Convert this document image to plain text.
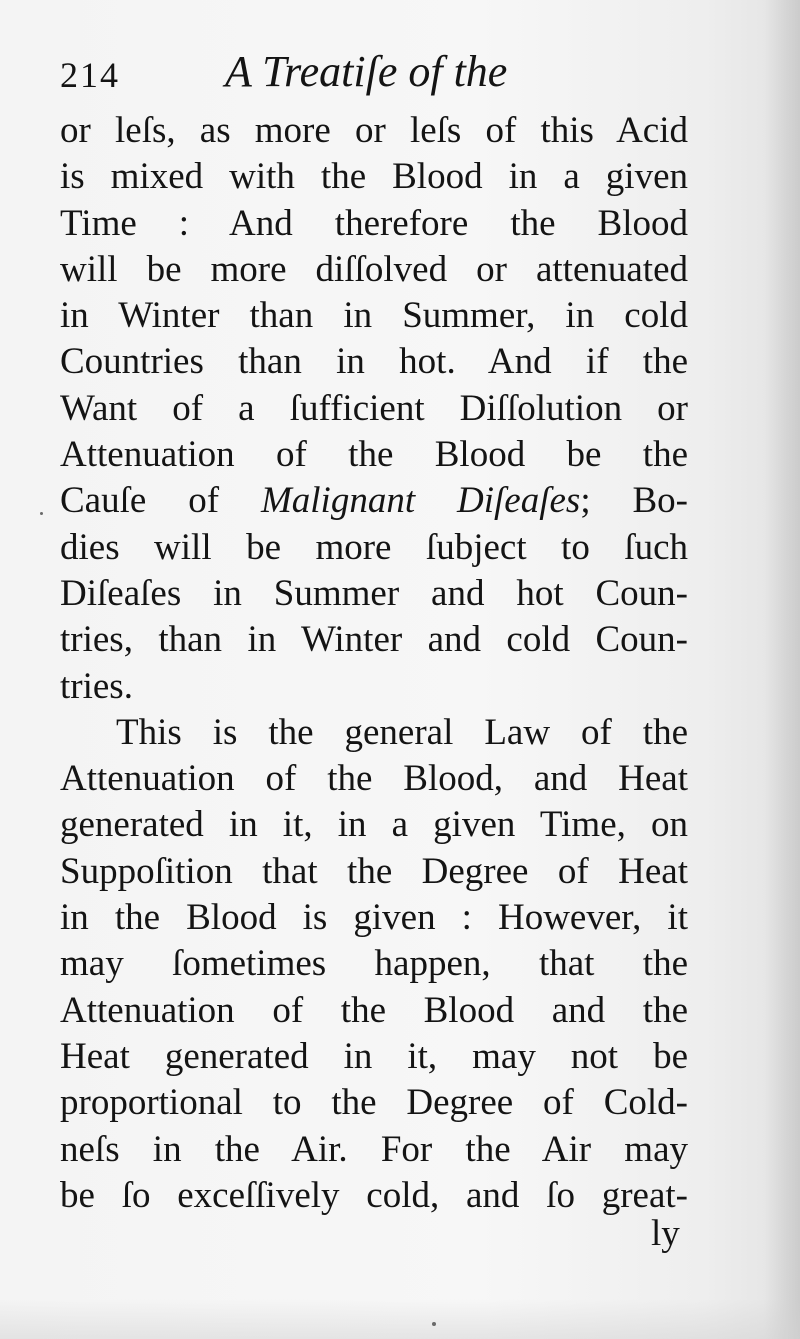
214 A Treatiſe of the
or leſs, as more or leſs of this Acid
is mixed with the Blood in a given
Time : And therefore the Blood
will be more diſſolved or attenuated
in Winter than in Summer, in cold
Countries than in hot. And if the
Want of a ſufficient Diſſolution or
Attenuation of the Blood be the
Cauſe of Malignant Diſeaſes; Bo-
dies will be more ſubject to ſuch
Diſeaſes in Summer and hot Coun-
tries, than in Winter and cold Coun-
tries.
This is the general Law of the
Attenuation of the Blood, and Heat
generated in it, in a given Time, on
Suppoſition that the Degree of Heat
in the Blood is given : However, it
may ſometimes happen, that the
Attenuation of the Blood and the
Heat generated in it, may not be
proportional to the Degree of Cold-
neſs in the Air. For the Air may
be ſo exceſſively cold, and ſo great-
ly
